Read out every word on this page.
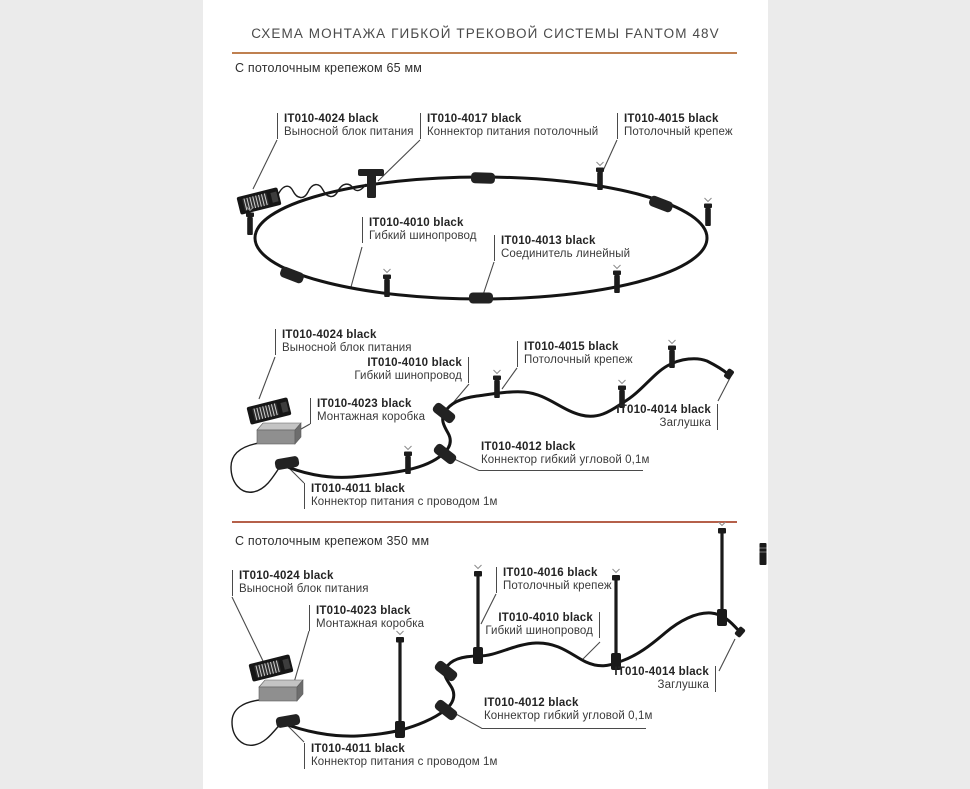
СХЕМА МОНТАЖА ГИБКОЙ ТРЕКОВОЙ СИСТЕМЫ FANTOM 48V
С потолочным крепежом 65 мм
С потолочным крепежом 350 мм
IT010-4024 black
Выносной блок питания
IT010-4017 black
Коннектор питания потолочный
IT010-4015 black
Потолочный крепеж
IT010-4010 black
Гибкий шинопровод IT010-4013 black
Соединитель линейный
IT010-4024 black
Выносной блок питания
IT010-4010 black
Гибкий шинопровод
IT010-4015 black
Потолочный крепеж
IT010-4023 black
Монтажная коробка
IT010-4014 black
Заглушка
IT010-4012 black
Коннектор гибкий угловой 0,1м
IT010-4011 black
Коннектор питания с проводом 1м
IT010-4024 black
Выносной блок питания
IT010-4023 black
Монтажная коробка
IT010-4016 black
Потолочный крепеж
IT010-4010 black
Гибкий шинопровод
IT010-4012 black
Коннектор гибкий угловой 0,1м
IT010-4011 black
Коннектор питания с проводом 1м
IT010-4014 black
Заглушка
